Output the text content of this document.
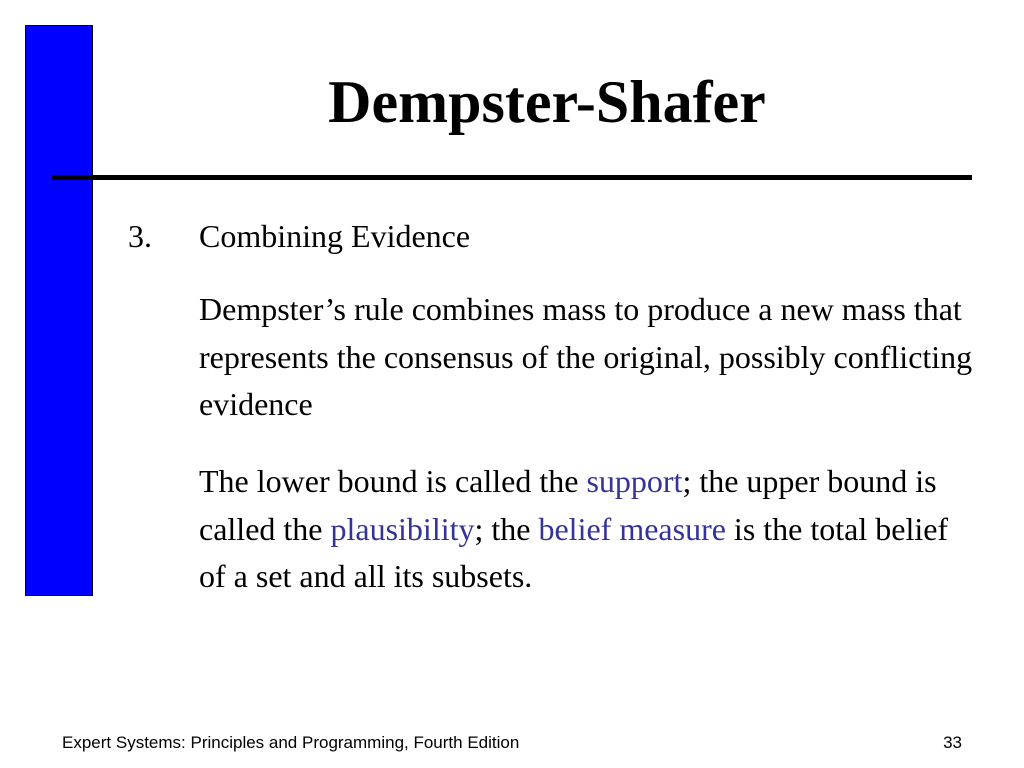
Dempster-Shafer
3. Combining Evidence

Dempster’s rule combines mass to produce a new mass that represents the consensus of the original, possibly conflicting evidence

The lower bound is called the support; the upper bound is called the plausibility; the belief measure is the total belief of a set and all its subsets.

Expert Systems: Principles and Programming, Fourth Edition	33
